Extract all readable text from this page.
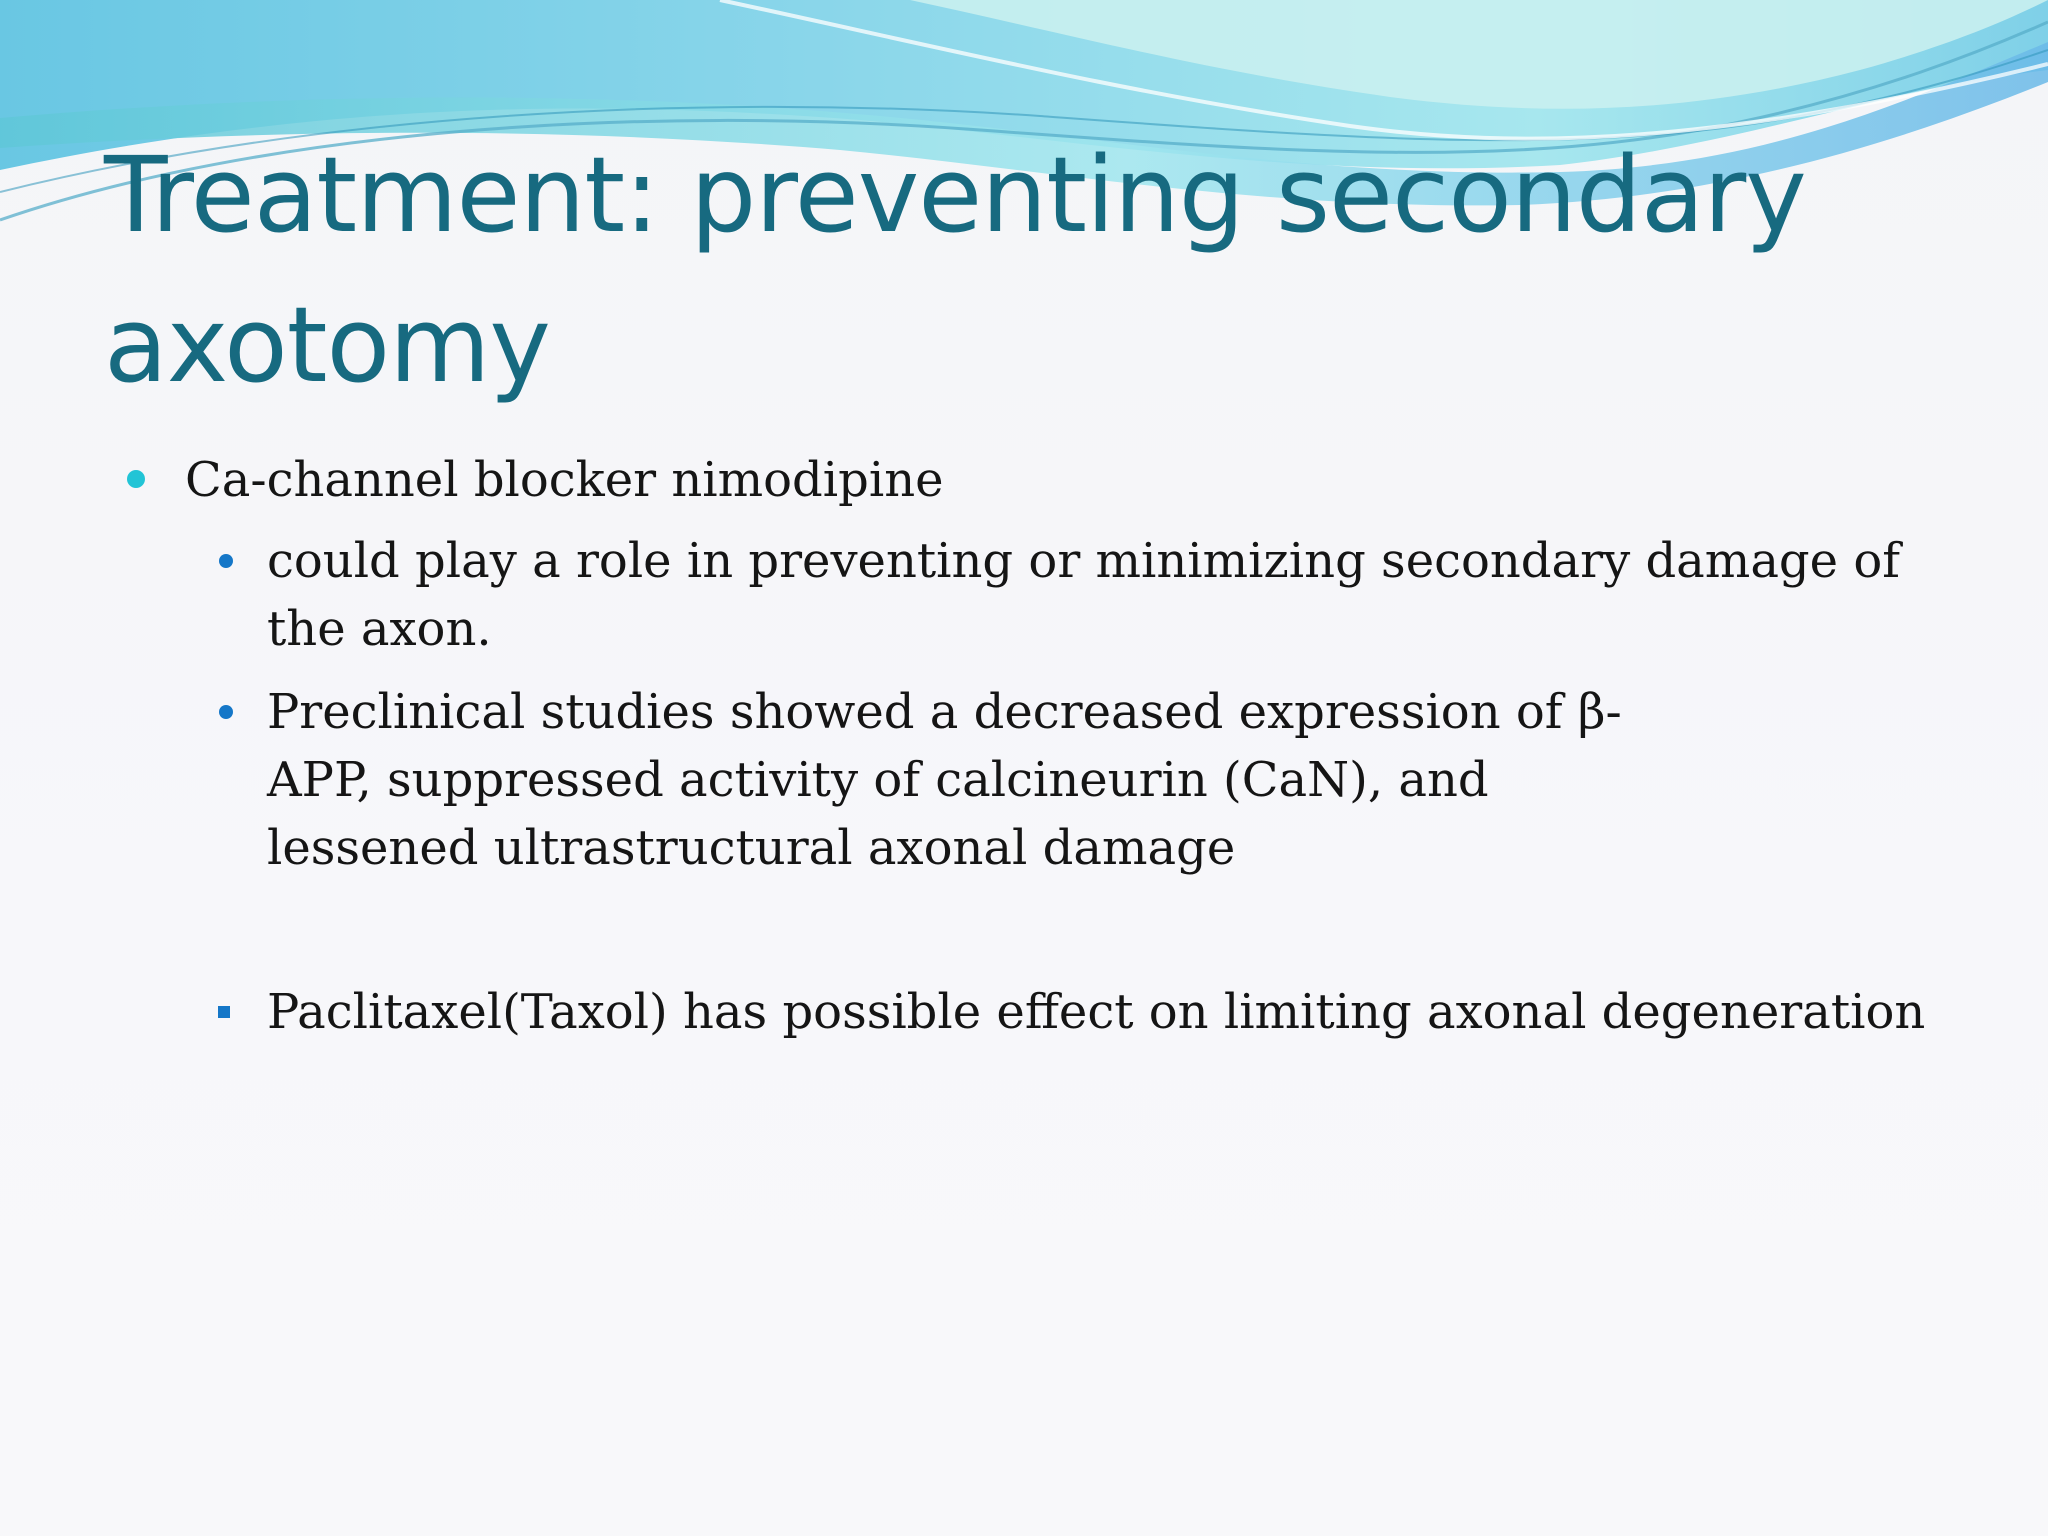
Treatment: preventing secondary axotomy

Ca-channel blocker nimodipine

could play a role in preventing or minimizing secondary damage of the axon.

Preclinical studies showed a decreased expression of β-APP, suppressed activity of calcineurin (CaN), and lessened ultrastructural axonal damage

Paclitaxel(Taxol) has possible effect on limiting axonal degeneration
